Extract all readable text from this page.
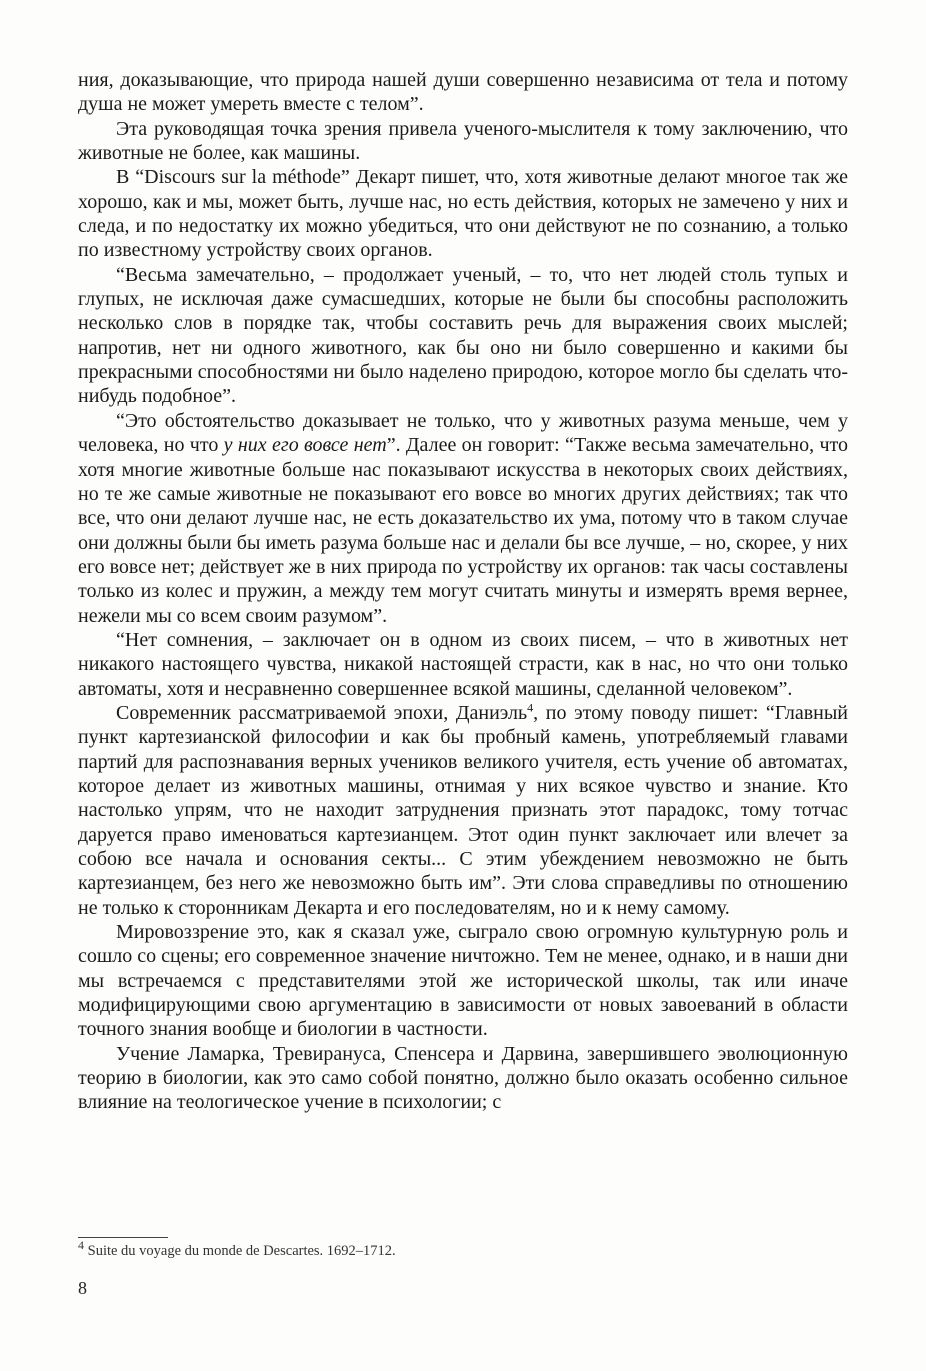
ния, доказывающие, что природа нашей души совершенно независима от тела и потому душа не может умереть вместе с телом”.

Эта руководящая точка зрения привела ученого-мыслителя к тому заключению, что животные не более, как машины.

В “Discours sur la méthode” Декарт пишет, что, хотя животные делают многое так же хорошо, как и мы, может быть, лучше нас, но есть действия, которых не замечено у них и следа, и по недостатку их можно убедиться, что они действуют не по сознанию, а только по известному устройству своих органов.

“Весьма замечательно, – продолжает ученый, – то, что нет людей столь тупых и глупых, не исключая даже сумасшедших, которые не были бы способны расположить несколько слов в порядке так, чтобы составить речь для выражения своих мыслей; напротив, нет ни одного животного, как бы оно ни было совершенно и какими бы прекрасными способностями ни было наделено природою, которое могло бы сделать что-нибудь подобное”.

“Это обстоятельство доказывает не только, что у животных разума меньше, чем у человека, но что у них его вовсе нет”. Далее он говорит: “Также весьма замечательно, что хотя многие животные больше нас показывают искусства в некоторых своих действиях, но те же самые животные не показывают его вовсе во многих других действиях; так что все, что они делают лучше нас, не есть доказательство их ума, потому что в таком случае они должны были бы иметь разума больше нас и делали бы все лучше, – но, скорее, у них его вовсе нет; действует же в них природа по устройству их органов: так часы составлены только из колес и пружин, а между тем могут считать минуты и измерять время вернее, нежели мы со всем своим разумом”.

“Нет сомнения, – заключает он в одном из своих писем, – что в животных нет никакого настоящего чувства, никакой настоящей страсти, как в нас, но что они только автоматы, хотя и несравненно совершеннее всякой машины, сделанной человеком”.

Современник рассматриваемой эпохи, Даниэль$^4$, по этому поводу пишет: “Главный пункт картезианской философии и как бы пробный камень, употребляемый главами партий для распознавания верных учеников великого учителя, есть учение об автоматах, которое делает из животных машины, отнимая у них всякое чувство и знание. Кто настолько упрям, что не находит затруднения признать этот парадокс, тому тотчас даруется право именоваться картезианцем. Этот один пункт заключает или влечет за собою все начала и основания секты... С этим убеждением невозможно не быть картезианцем, без него же невозможно быть им”. Эти слова справедливы по отношению не только к сторонникам Декарта и его последователям, но и к нему самому.

Мировоззрение это, как я сказал уже, сыграло свою огромную культурную роль и сошло со сцены; его современное значение ничтожно. Тем не менее, однако, и в наши дни мы встречаемся с представителями этой же исторической школы, так или иначе модифицирующими свою аргументацию в зависимости от новых завоеваний в области точного знания вообще и биологии в частности.

Учение Ламарка, Тревирануса, Спенсера и Дарвина, завершившего эволюционную теорию в биологии, как это само собой понятно, должно было оказать особенно сильное влияние на теологическое учение в психологии; с

$^4$ Suite du voyage du monde de Descartes. 1692–1712.
8
